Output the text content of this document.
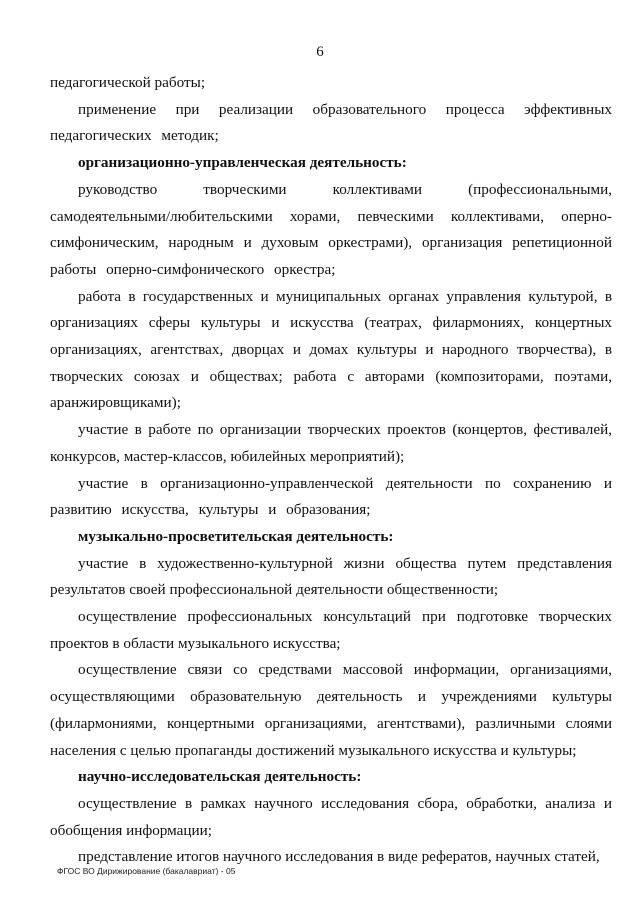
6

педагогической работы;

применение при реализации образовательного процесса эффективных педагогических методик;

организационно-управленческая деятельность:

руководство творческими коллективами (профессиональными, самодеятельными/любительскими хорами, певческими коллективами, оперно-симфоническим, народным и духовым оркестрами), организация репетиционной работы оперно-симфонического оркестра;

работа в государственных и муниципальных органах управления культурой, в организациях сферы культуры и искусства (театрах, филармониях, концертных организациях, агентствах, дворцах и домах культуры и народного творчества), в творческих союзах и обществах; работа с авторами (композиторами, поэтами, аранжировщиками);

участие в работе по организации творческих проектов (концертов, фестивалей, конкурсов, мастер-классов, юбилейных мероприятий);

участие в организационно-управленческой деятельности по сохранению и развитию искусства, культуры и образования;

музыкально-просветительская деятельность:

участие в художественно-культурной жизни общества путем представления результатов своей профессиональной деятельности общественности;

осуществление профессиональных консультаций при подготовке творческих проектов в области музыкального искусства;

осуществление связи со средствами массовой информации, организациями, осуществляющими образовательную деятельность и учреждениями культуры (филармониями, концертными организациями, агентствами), различными слоями населения с целью пропаганды достижений музыкального искусства и культуры;

научно-исследовательская деятельность:

осуществление в рамках научного исследования сбора, обработки, анализа и обобщения информации;

представление итогов научного исследования в виде рефератов, научных статей,

ФГОС ВО Дирижирование (бакалавриат) - 05
